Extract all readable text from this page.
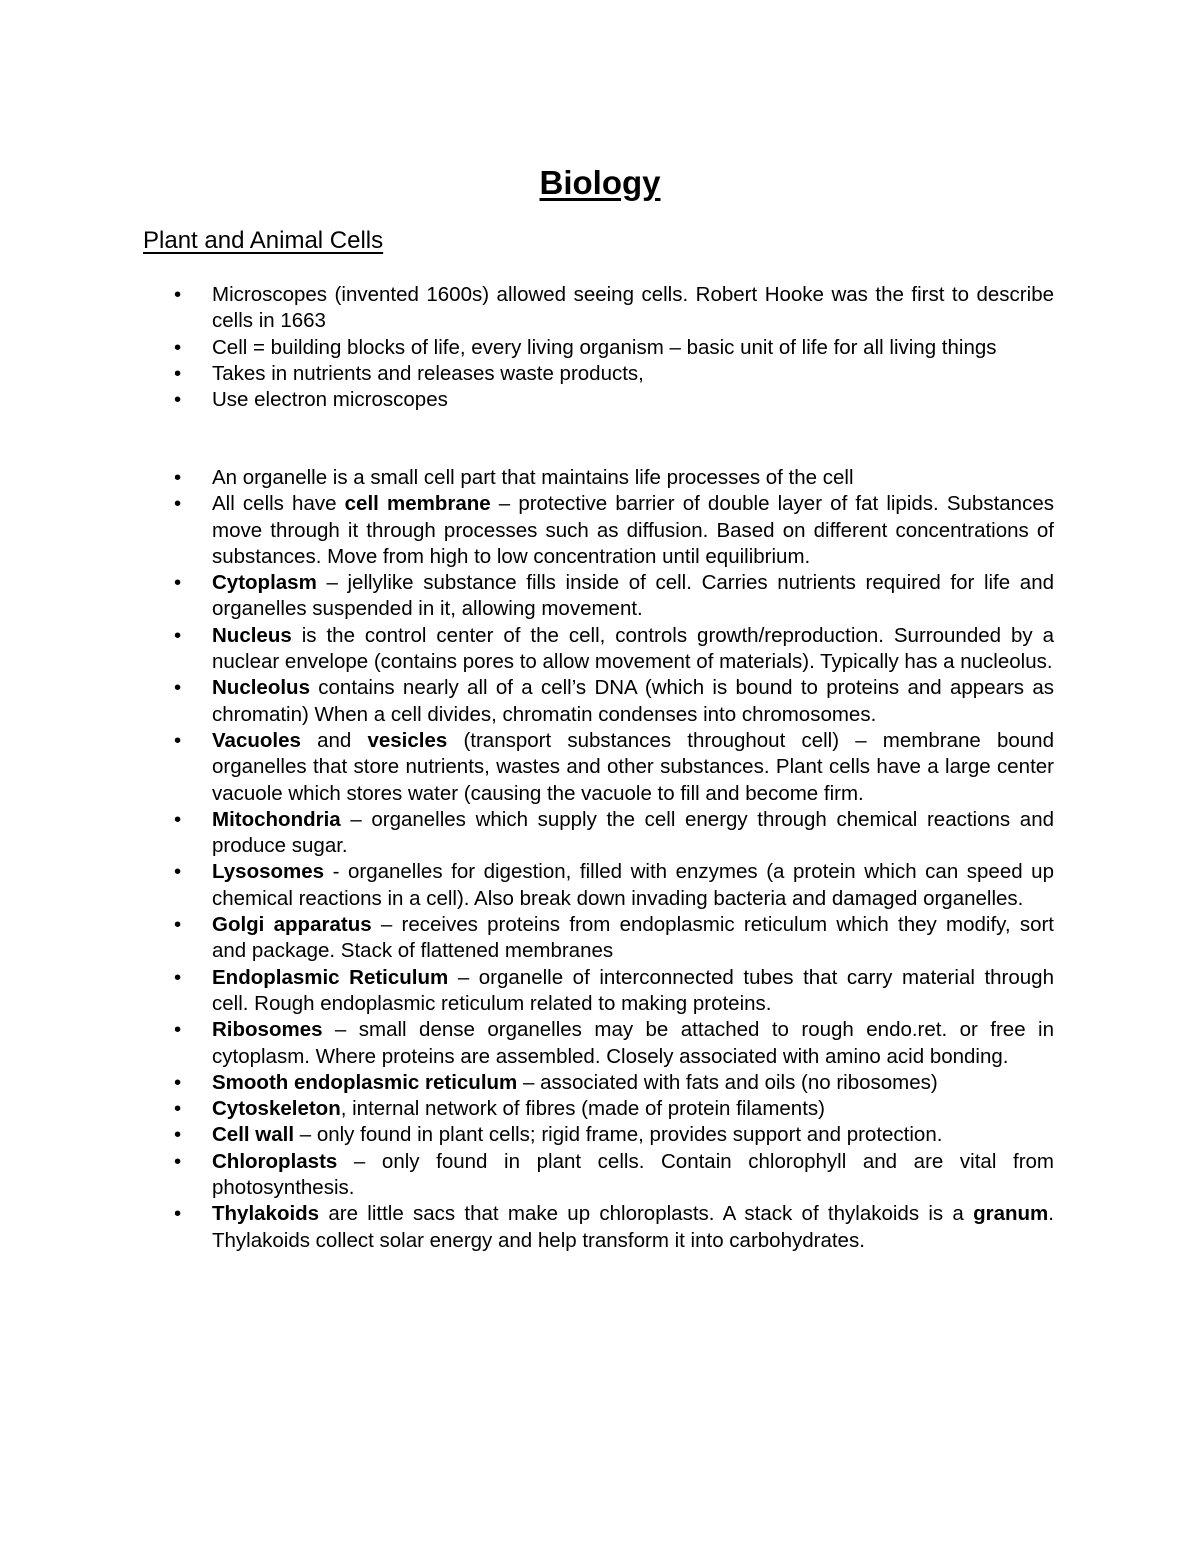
Biology
Plant and Animal Cells
•	Microscopes (invented 1600s) allowed seeing cells. Robert Hooke was the first to describe cells in 1663
•	Cell = building blocks of life, every living organism – basic unit of life for all living things
•	Takes in nutrients and releases waste products,
•	Use electron microscopes
•	An organelle is a small cell part that maintains life processes of the cell
•	All cells have cell membrane – protective barrier of double layer of fat lipids. Substances move through it through processes such as diffusion. Based on different concentrations of substances. Move from high to low concentration until equilibrium.
•	Cytoplasm – jellylike substance fills inside of cell. Carries nutrients required for life and organelles suspended in it, allowing movement.
•	Nucleus is the control center of the cell, controls growth/reproduction. Surrounded by a nuclear envelope (contains pores to allow movement of materials). Typically has a nucleolus.
•	Nucleolus contains nearly all of a cell’s DNA (which is bound to proteins and appears as chromatin) When a cell divides, chromatin condenses into chromosomes.
•	Vacuoles and vesicles (transport substances throughout cell) – membrane bound organelles that store nutrients, wastes and other substances. Plant cells have a large center vacuole which stores water (causing the vacuole to fill and become firm.
•	Mitochondria – organelles which supply the cell energy through chemical reactions and produce sugar.
•	Lysosomes - organelles for digestion, filled with enzymes (a protein which can speed up chemical reactions in a cell). Also break down invading bacteria and damaged organelles.
•	Golgi apparatus – receives proteins from endoplasmic reticulum which they modify, sort and package. Stack of flattened membranes
•	Endoplasmic Reticulum – organelle of interconnected tubes that carry material through cell. Rough endoplasmic reticulum related to making proteins.
•	Ribosomes – small dense organelles may be attached to rough endo.ret. or free in cytoplasm. Where proteins are assembled. Closely associated with amino acid bonding.
•	Smooth endoplasmic reticulum – associated with fats and oils (no ribosomes)
•	Cytoskeleton, internal network of fibres (made of protein filaments)
•	Cell wall – only found in plant cells; rigid frame, provides support and protection.
•	Chloroplasts – only found in plant cells. Contain chlorophyll and are vital from photosynthesis.
•	Thylakoids are little sacs that make up chloroplasts. A stack of thylakoids is a granum. Thylakoids collect solar energy and help transform it into carbohydrates.
